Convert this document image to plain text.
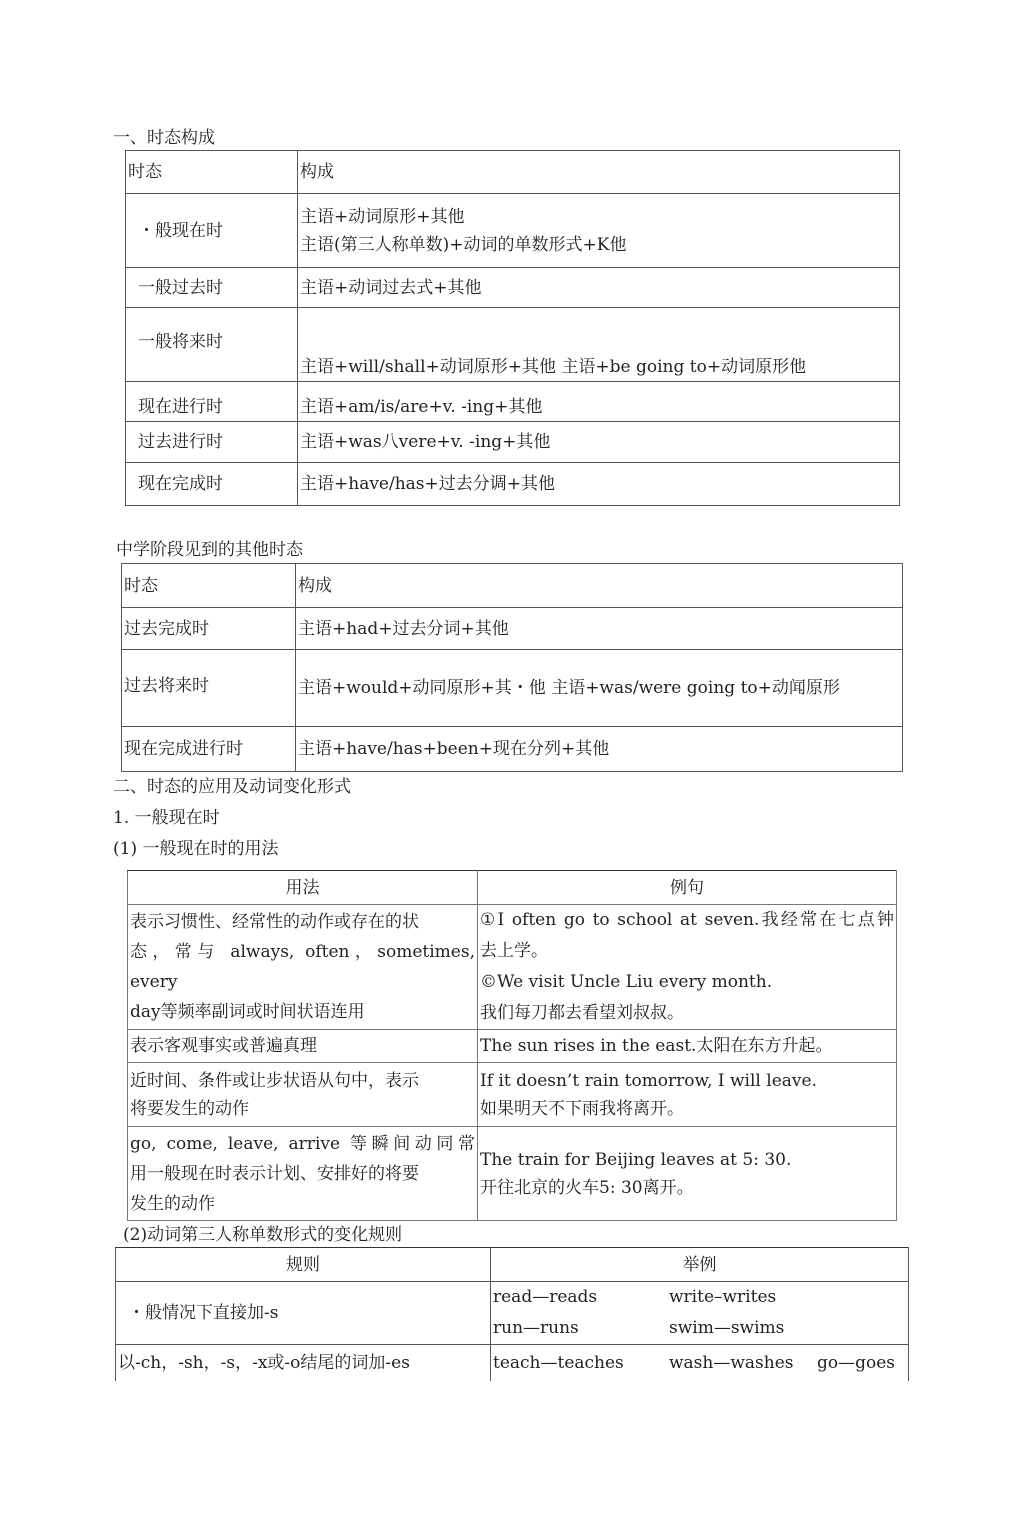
一、时态构成
时态	构成
・般现在时	主语+动词原形+其他
主语(第三人称单数)+动词的单数形式+K他

一般过去时	主语+动词过去式+其他
一般将来时	主语+will/shall+动词原形+其他 主语+be going to+动词原形他
现在进行时	主语+am/is/are+v. -ing+其他
过去进行时	主语+was八vere+v. -ing+其他
现在完成时	主语+have/has+过去分调+其他
中学阶段见到的其他时态
时态	构成
过去完成时	主语+had+过去分词+其他
过去将来时	主语+would+动同原形+其・他 主语+was/were going to+动闻原形
现在完成进行时	主语+have/has+been+现在分列+其他
二、时态的应用及动词变化形式
1. 一般现在时
(1) 一般现在时的用法
用法	例句

表示习惯性、经常性的动作或存在的状
态，常与 always, often，sometimes, every
day等频率副词或时间状语连用	①I often go to school at seven.我经常在七点钟
去上学。
©We visit Uncle Liu every month.
我们每刀都去看望刘叔叔。

表示客观事实或普遍真理	The sun rises in the east.太阳在东方升起。

近时间、条件或让步状语从句中，表示
将要发生的动作	If it doesn’t rain tomorrow, I will leave.
如果明天不下雨我将离开。

go, come, leave, arrive 等瞬间动同常
用一般现在时表示计划、安排好的将要
发生的动作	The train for Beijing leaves at 5: 30.
开往北京的火车5: 30离开。
(2)动词第三人称单数形式的变化规则
规则	举例
・般情况下直接加-s	read—reads write–writes
run—runs swim—swims

以-ch，-sh，-s，-x或-o结尾的词加-es	teach—teaches wash—washes go—goes
